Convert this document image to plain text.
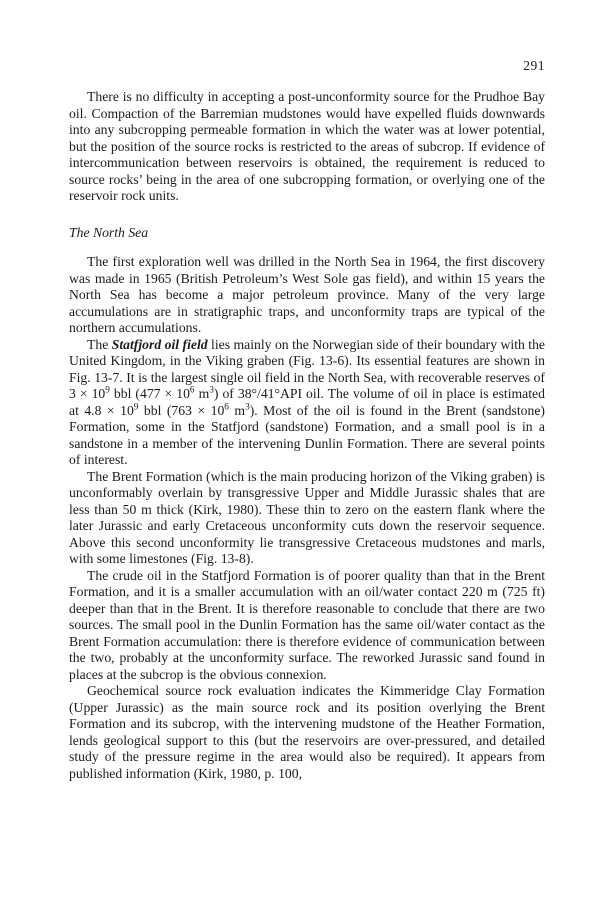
291

There is no difficulty in accepting a post-unconformity source for the Prudhoe Bay oil. Compaction of the Barremian mudstones would have expelled fluids downwards into any subcropping permeable formation in which the water was at lower potential, but the position of the source rocks is restricted to the areas of subcrop. If evidence of intercommunication between reservoirs is obtained, the requirement is reduced to source rocks’ being in the area of one subcropping formation, or overlying one of the reservoir rock units.

The North Sea

The first exploration well was drilled in the North Sea in 1964, the first discovery was made in 1965 (British Petroleum’s West Sole gas field), and within 15 years the North Sea has become a major petroleum province. Many of the very large accumulations are in stratigraphic traps, and unconformity traps are typical of the northern accumulations.

The Statfjord oil field lies mainly on the Norwegian side of their boundary with the United Kingdom, in the Viking graben (Fig. 13-6). Its essential features are shown in Fig. 13-7. It is the largest single oil field in the North Sea, with recoverable reserves of $3 \times 10^9$ bbl ($477 \times 10^6$ $m^3$) of 38°/41°API oil. The volume of oil in place is estimated at $4.8 \times 10^9$ bbl ($763 \times 10^6$ $m^3$). Most of the oil is found in the Brent (sandstone) Formation, some in the Statfjord (sandstone) Formation, and a small pool is in a sandstone in a member of the intervening Dunlin Formation. There are several points of interest.

The Brent Formation (which is the main producing horizon of the Viking graben) is unconformably overlain by transgressive Upper and Middle Jurassic shales that are less than 50 m thick (Kirk, 1980). These thin to zero on the eastern flank where the later Jurassic and early Cretaceous unconformity cuts down the reservoir sequence. Above this second unconformity lie transgressive Cretaceous mudstones and marls, with some limestones (Fig. 13-8).

The crude oil in the Statfjord Formation is of poorer quality than that in the Brent Formation, and it is a smaller accumulation with an oil/water contact 220 m (725 ft) deeper than that in the Brent. It is therefore reasonable to conclude that there are two sources. The small pool in the Dunlin Formation has the same oil/water contact as the Brent Formation accumulation: there is therefore evidence of communication between the two, probably at the unconformity surface. The reworked Jurassic sand found in places at the subcrop is the obvious connexion.

Geochemical source rock evaluation indicates the Kimmeridge Clay Formation (Upper Jurassic) as the main source rock and its position overlying the Brent Formation and its subcrop, with the intervening mudstone of the Heather Formation, lends geological support to this (but the reservoirs are over-pressured, and detailed study of the pressure regime in the area would also be required). It appears from published information (Kirk, 1980, p. 100,
